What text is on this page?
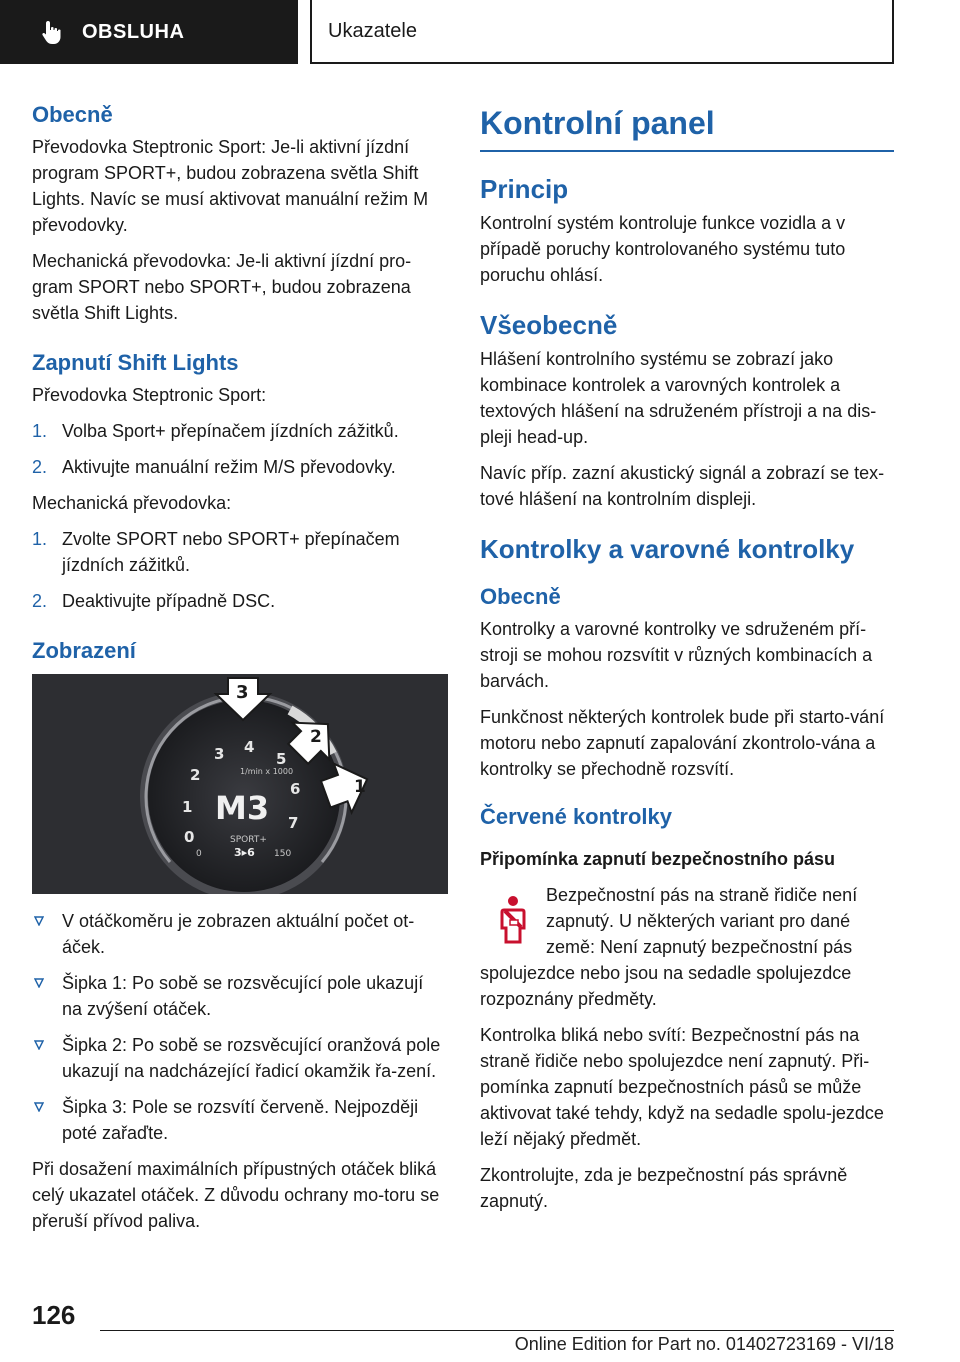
OBSLUHA	Ukazatele
Obecně

Převodovka Steptronic Sport: Je-li aktivní jízdní program SPORT+, budou zobrazena světla Shift Lights. Navíc se musí aktivovat manuální režim M převodovky.

Mechanická převodovka: Je-li aktivní jízdní pro-gram SPORT nebo SPORT+, budou zobrazena světla Shift Lights.

Zapnutí Shift Lights

Převodovka Steptronic Sport:

1. Volba Sport+ přepínačem jízdních zážitků.
2. Aktivujte manuální režim M/S převodovky.

Mechanická převodovka:

1. Zvolte SPORT nebo SPORT+ přepínačem jízdních zážitků.
2. Deaktivujte případně DSC.
Zobrazení
0
1
2
3 4
5
6
7
1/min x 1000
M3
SPORT+
0	3▸6 150
3
2
1
V otáčkoměru je zobrazen aktuální počet ot-áček.
Šipka 1: Po sobě se rozsvěcující pole ukazují na zvýšení otáček.
Šipka 2: Po sobě se rozsvěcující oranžová pole ukazují na nadcházející řadicí okamžik řa-zení.
Šipka 3: Pole se rozsvítí červeně. Nejpozději poté zařaďte.

Při dosažení maximálních přípustných otáček bliká celý ukazatel otáček. Z důvodu ochrany mo-toru se přeruší přívod paliva.

Kontrolní panel
Princip

Kontrolní systém kontroluje funkce vozidla a v případě poruchy kontrolovaného systému tuto poruchu ohlásí.

Všeobecně

Hlášení kontrolního systému se zobrazí jako kombinace kontrolek a varovných kontrolek a textových hlášení na sdruženém přístroji a na dis-pleji head-up.

Navíc příp. zazní akustický signál a zobrazí se tex-tové hlášení na kontrolním displeji.

Kontrolky a varovné kontrolky
Obecně

Kontrolky a varovné kontrolky ve sdruženém pří-stroji se mohou rozsvítit v různých kombinacích a barvách.

Funkčnost některých kontrolek bude při starto-vání motoru nebo zapnutí zapalování zkontrolo-vána a kontrolky se přechodně rozsvítí.

Červené kontrolky
Připomínka zapnutí bezpečnostního pásu

Bezpečnostní pás na straně řidiče není zapnutý. U některých variant pro dané země: Není zapnutý bezpečnostní pás

spolujezdce nebo jsou na sedadle spolujezdce rozpoznány předměty.

Kontrolka bliká nebo svítí: Bezpečnostní pás na straně řidiče nebo spolujezdce není zapnutý. Při-pomínka zapnutí bezpečnostních pásů se může aktivovat také tehdy, když na sedadle spolu-jezdce leží nějaký předmět.

Zkontrolujte, zda je bezpečnostní pás správně zapnutý.

126
Online Edition for Part no. 01402723169 - VI/18
